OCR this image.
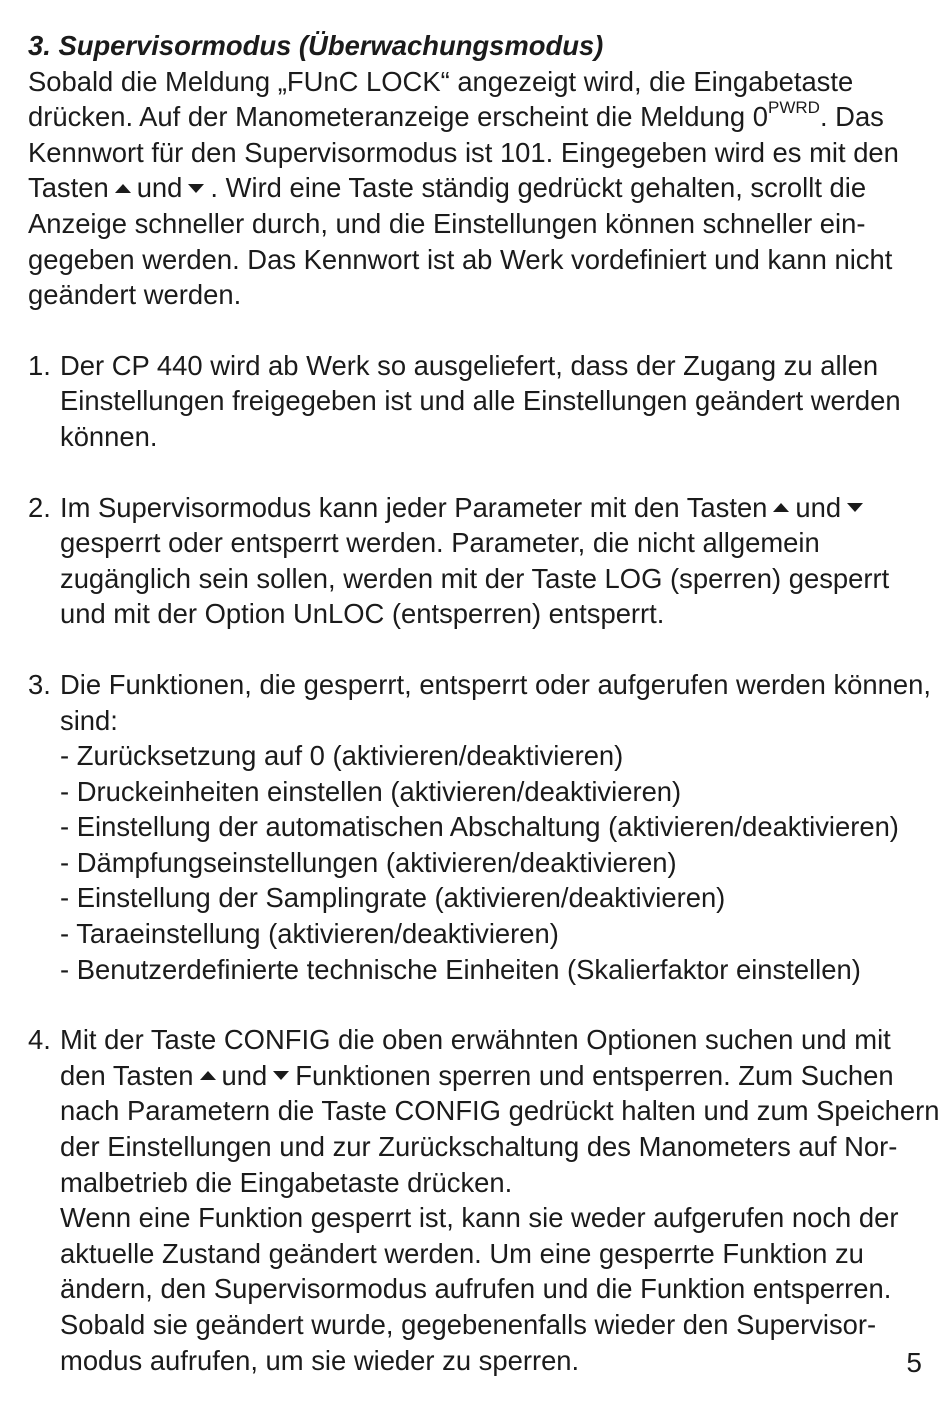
3. Supervisormodus (Überwachungsmodus)

Sobald die Meldung „FUnC LOCK“ angezeigt wird, die Eingabetaste
drücken. Auf der Manometeranzeige erscheint die Meldung $0^{PWRD}$. Das
Kennwort für den Supervisormodus ist 101. Eingegeben wird es mit den
Tasten und . Wird eine Taste ständig gedrückt gehalten, scrollt die
Anzeige schneller durch, und die Einstellungen können schneller ein-
gegeben werden. Das Kennwort ist ab Werk vordefiniert und kann nicht
geändert werden.
1. Der CP 440 wird ab Werk so ausgeliefert, dass der Zugang zu allen
Einstellungen freigegeben ist und alle Einstellungen geändert werden
können.
2. Im Supervisormodus kann jeder Parameter mit den Tasten und
gesperrt oder entsperrt werden. Parameter, die nicht allgemein
zugänglich sein sollen, werden mit der Taste LOG (sperren) gesperrt
und mit der Option UnLOC (entsperren) entsperrt.
3. Die Funktionen, die gesperrt, entsperrt oder aufgerufen werden können,
sind:
- Zurücksetzung auf 0 (aktivieren/deaktivieren)
- Druckeinheiten einstellen (aktivieren/deaktivieren)
- Einstellung der automatischen Abschaltung (aktivieren/deaktivieren)
- Dämpfungseinstellungen (aktivieren/deaktivieren)
- Einstellung der Samplingrate (aktivieren/deaktivieren)
- Taraeinstellung (aktivieren/deaktivieren)
- Benutzerdefinierte technische Einheiten (Skalierfaktor einstellen)
4. Mit der Taste CONFIG die oben erwähnten Optionen suchen und mit
den Tasten und Funktionen sperren und entsperren. Zum Suchen
nach Parametern die Taste CONFIG gedrückt halten und zum Speichern
der Einstellungen und zur Zurückschaltung des Manometers auf Nor-
malbetrieb die Eingabetaste drücken.
Wenn eine Funktion gesperrt ist, kann sie weder aufgerufen noch der
aktuelle Zustand geändert werden. Um eine gesperrte Funktion zu
ändern, den Supervisormodus aufrufen und die Funktion entsperren.
Sobald sie geändert wurde, gegebenenfalls wieder den Supervisor-
modus aufrufen, um sie wieder zu sperren.	5
